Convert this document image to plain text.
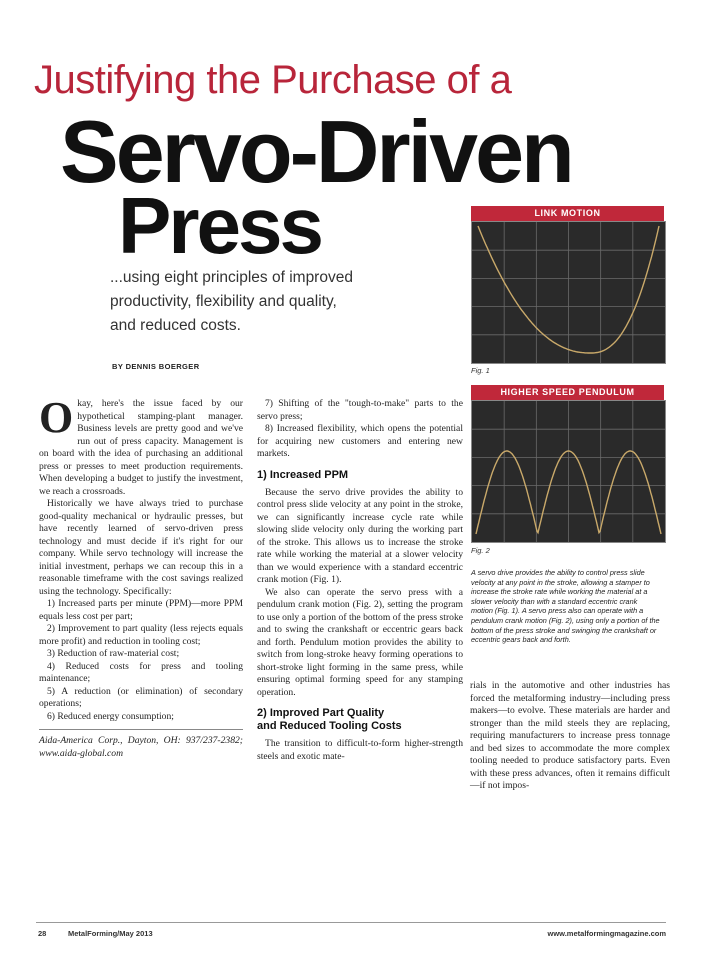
Justifying the Purchase of a
Servo-Driven
Press
...using eight principles of improved
productivity, flexibility and quality,
and reduced costs.
BY DENNIS BOERGER
LINK MOTION
Fig. 1
HIGHER SPEED PENDULUM
Fig. 2
A servo drive provides the ability to control press slide velocity at any point in the stroke, allowing a stamper to increase the stroke rate while working the material at a slower velocity than with a standard eccentric crank motion (Fig. 1). A servo press also can operate with a pendulum crank motion (Fig. 2), using only a portion of the bottom of the press stroke and swinging the crankshaft or eccentric gears back and forth.

Okay, here's the issue faced by our hypothetical stamping-plant manager. Business levels are pretty good and we've run out of press capacity. Management is on board with the idea of purchasing an additional press or presses to meet production requirements. When developing a budget to justify the investment, we reach a crossroads.

Historically we have always tried to purchase good-quality mechanical or hydraulic presses, but have recently learned of servo-driven press technology and must decide if it's right for our company. While servo technology will increase the initial investment, perhaps we can recoup this in a reasonable timeframe with the cost savings realized using the technology. Specifically:

1) Increased parts per minute (PPM)—more PPM equals less cost per part;

2) Improvement to part quality (less rejects equals more profit) and reduction in tooling cost;

3) Reduction of raw-material cost;

4) Reduced costs for press and tooling maintenance;

5) A reduction (or elimination) of secondary operations;

6) Reduced energy consumption;

Aida-America Corp., Dayton, OH: 937/237-2382; www.aida-global.com

7) Shifting of the "tough-to-make" parts to the servo press;

8) Increased flexibility, which opens the potential for acquiring new customers and entering new markets.

1) Increased PPM

Because the servo drive provides the ability to control press slide velocity at any point in the stroke, we can significantly increase cycle rate while slowing slide velocity only during the working part of the stroke. This allows us to increase the stroke rate while working the material at a slower velocity than we would experience with a standard eccentric crank motion (Fig. 1).

We also can operate the servo press with a pendulum crank motion (Fig. 2), setting the program to use only a portion of the bottom of the press stroke and to swing the crankshaft or eccentric gears back and forth. Pendulum motion provides the ability to switch from long-stroke heavy forming operations to short-stroke light forming in the same press, while ensuring optimal forming speed for any stamping operation.

2) Improved Part Quality
and Reduced Tooling Costs

The transition to difficult-to-form higher-strength steels and exotic mate-

rials in the automotive and other industries has forced the metalforming industry—including press makers—to evolve. These materials are harder and stronger than the mild steels they are replacing, requiring manufacturers to increase press tonnage and bed sizes to accommodate the more complex tooling needed to produce satisfactory parts. Even with these press advances, often it remains difficult—if not impos-

28	MetalForming/May 2013	www.metalformingmagazine.com
